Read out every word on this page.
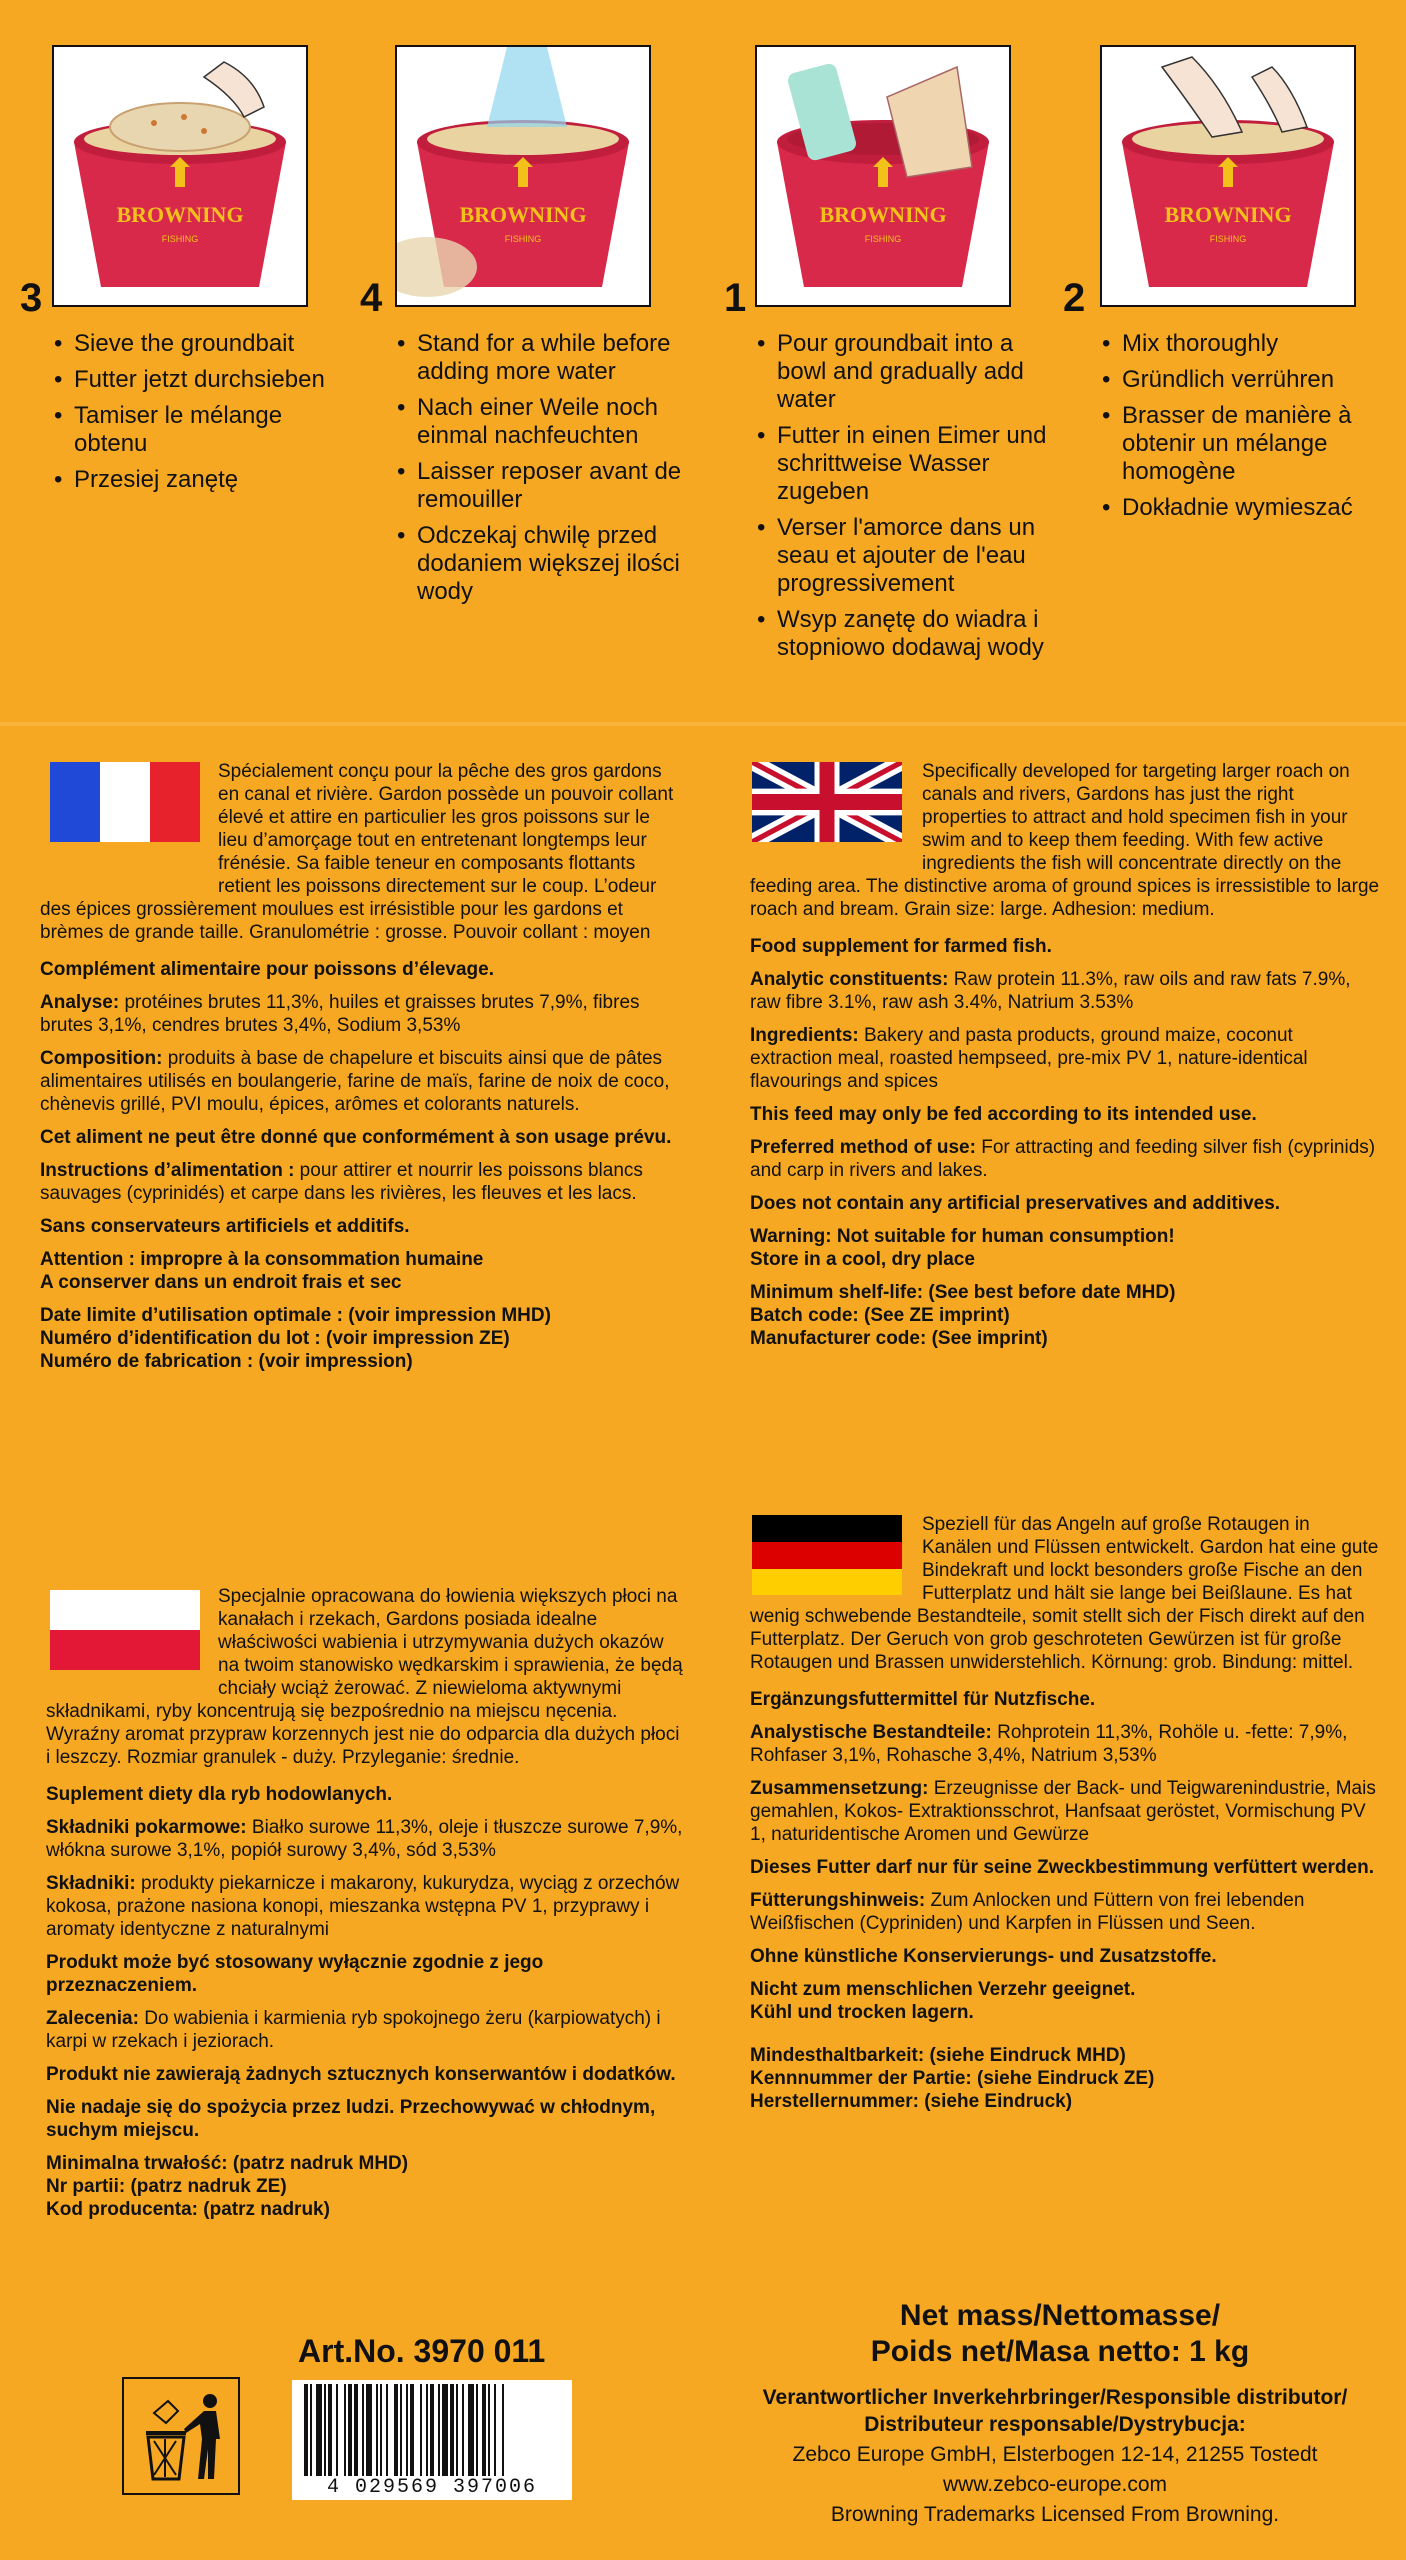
BROWNING
FISHING
3
• Sieve the groundbait
• Futter jetzt durchsieben
• Tamiser le mélange obtenu
• Przesiej zanętę
BROWNING
FISHING
4
• Stand for a while before adding more water
• Nach einer Weile noch einmal nachfeuchten
• Laisser reposer avant de remouiller
• Odczekaj chwilę przed dodaniem większej ilości wody
BROWNING
FISHING
1
• Pour groundbait into a bowl and gradually add water
• Futter in einen Eimer und schrittweise Wasser zugeben
• Verser l'amorce dans un seau et ajouter de l'eau progressivement
• Wsyp zanętę do wiadra i stopniowo dodawaj wody
BROWNING
FISHING
2
• Mix thoroughly
• Gründlich verrühren
• Brasser de manière à obtenir un mélange homogène
• Dokładnie wymieszać
Spécialement conçu pour la pêche des gros gardons en canal et rivière. Gardon possède un pouvoir collant élevé et attire en particulier les gros poissons sur le lieu d’amorçage tout en entretenant longtemps leur frénésie. Sa faible teneur en composants flottants retient les poissons directement sur le coup. L’odeur des épices grossièrement moulues est irrésistible pour les gardons et brèmes de grande taille. Granulométrie : grosse. Pouvoir collant : moyen

Complément alimentaire pour poissons d’élevage.

Analyse: protéines brutes 11,3%, huiles et graisses brutes 7,9%, fibres brutes 3,1%, cendres brutes 3,4%, Sodium 3,53%

Composition: produits à base de chapelure et biscuits ainsi que de pâtes alimentaires utilisés en boulangerie, farine de maïs, farine de noix de coco, chènevis grillé, PVI moulu, épices, arômes et colorants naturels.

Cet aliment ne peut être donné que conformément à son usage prévu.

Instructions d’alimentation : pour attirer et nourrir les poissons blancs sauvages (cyprinidés) et carpe dans les rivières, les fleuves et les lacs.

Sans conservateurs artificiels et additifs.

Attention : impropre à la consommation humaine
A conserver dans un endroit frais et sec

Date limite d’utilisation optimale : (voir impression MHD)
Numéro d’identification du lot : (voir impression ZE)
Numéro de fabrication : (voir impression)

Specifically developed for targeting larger roach on canals and rivers, Gardons has just the right properties to attract and hold specimen fish in your swim and to keep them feeding. With few active ingredients the fish will concentrate directly on the feeding area. The distinctive aroma of ground spices is irressistible to large roach and bream. Grain size: large. Adhesion: medium.

Food supplement for farmed fish.

Analytic constituents: Raw protein 11.3%, raw oils and raw fats 7.9%, raw fibre 3.1%, raw ash 3.4%, Natrium 3.53%

Ingredients: Bakery and pasta products, ground maize, coconut extraction meal, roasted hempseed, pre-mix PV 1, nature-identical flavourings and spices

This feed may only be fed according to its intended use.

Preferred method of use: For attracting and feeding silver fish (cyprinids) and carp in rivers and lakes.

Does not contain any artificial preservatives and additives.

Warning: Not suitable for human consumption!
Store in a cool, dry place

Minimum shelf-life: (See best before date MHD)
Batch code: (See ZE imprint)
Manufacturer code: (See imprint)

Specjalnie opracowana do łowienia większych płoci na kanałach i rzekach, Gardons posiada idealne właściwości wabienia i utrzymywania dużych okazów na twoim stanowisko wędkarskim i sprawienia, że będą chciały wciąż żerować. Z niewieloma aktywnymi składnikami, ryby koncentrują się bezpośrednio na miejscu nęcenia. Wyraźny aromat przypraw korzennych jest nie do odparcia dla dużych płoci i leszczy. Rozmiar granulek - duży. Przyleganie: średnie.

Suplement diety dla ryb hodowlanych.

Składniki pokarmowe: Białko surowe 11,3%, oleje i tłuszcze surowe 7,9%, włókna surowe 3,1%, popiół surowy 3,4%, sód 3,53%

Składniki: produkty piekarnicze i makarony, kukurydza, wyciąg z orzechów kokosa, prażone nasiona konopi, mieszanka wstępna PV 1, przyprawy i aromaty identyczne z naturalnymi

Produkt może być stosowany wyłącznie zgodnie z jego przeznaczeniem.

Zalecenia: Do wabienia i karmienia ryb spokojnego żeru (karpiowatych) i karpi w rzekach i jeziorach.

Produkt nie zawierają żadnych sztucznych konserwantów i dodatków.

Nie nadaje się do spożycia przez ludzi. Przechowywać w chłodnym, suchym miejscu.

Minimalna trwałość: (patrz nadruk MHD)
Nr partii: (patrz nadruk ZE)
Kod producenta: (patrz nadruk)

Speziell für das Angeln auf große Rotaugen in Kanälen und Flüssen entwickelt. Gardon hat eine gute Bindekraft und lockt besonders große Fische an den Futterplatz und hält sie lange bei Beißlaune. Es hat wenig schwebende Bestandteile, somit stellt sich der Fisch direkt auf den Futterplatz. Der Geruch von grob geschroteten Gewürzen ist für große Rotaugen und Brassen unwiderstehlich. Körnung: grob. Bindung: mittel.

Ergänzungsfuttermittel für Nutzfische.

Analystische Bestandteile: Rohprotein 11,3%, Rohöle u. -fette: 7,9%, Rohfaser 3,1%, Rohasche 3,4%, Natrium 3,53%

Zusammensetzung: Erzeugnisse der Back- und Teigwarenindustrie, Mais gemahlen, Kokos- Extraktionsschrot, Hanfsaat geröstet, Vormischung PV 1, naturidentische Aromen und Gewürze

Dieses Futter darf nur für seine Zweckbestimmung verfüttert werden.

Fütterungshinweis: Zum Anlocken und Füttern von frei lebenden Weißfischen (Cypriniden) und Karpfen in Flüssen und Seen.

Ohne künstliche Konservierungs- und Zusatzstoffe.

Nicht zum menschlichen Verzehr geeignet.
Kühl und trocken lagern.

Mindesthaltbarkeit: (siehe Eindruck MHD)
Kennnummer der Partie: (siehe Eindruck ZE)
Herstellernummer: (siehe Eindruck)

Art.No. 3970 011
4 029569 397006
Net mass/Nettomasse/
Poids net/Masa netto: 1 kg
Verantwortlicher Inverkehrbringer/Responsible distributor/
Distributeur responsable/Dystrybucja:
Zebco Europe GmbH, Elsterbogen 12-14, 21255 Tostedt
www.zebco-europe.com
Browning Trademarks Licensed From Browning.
